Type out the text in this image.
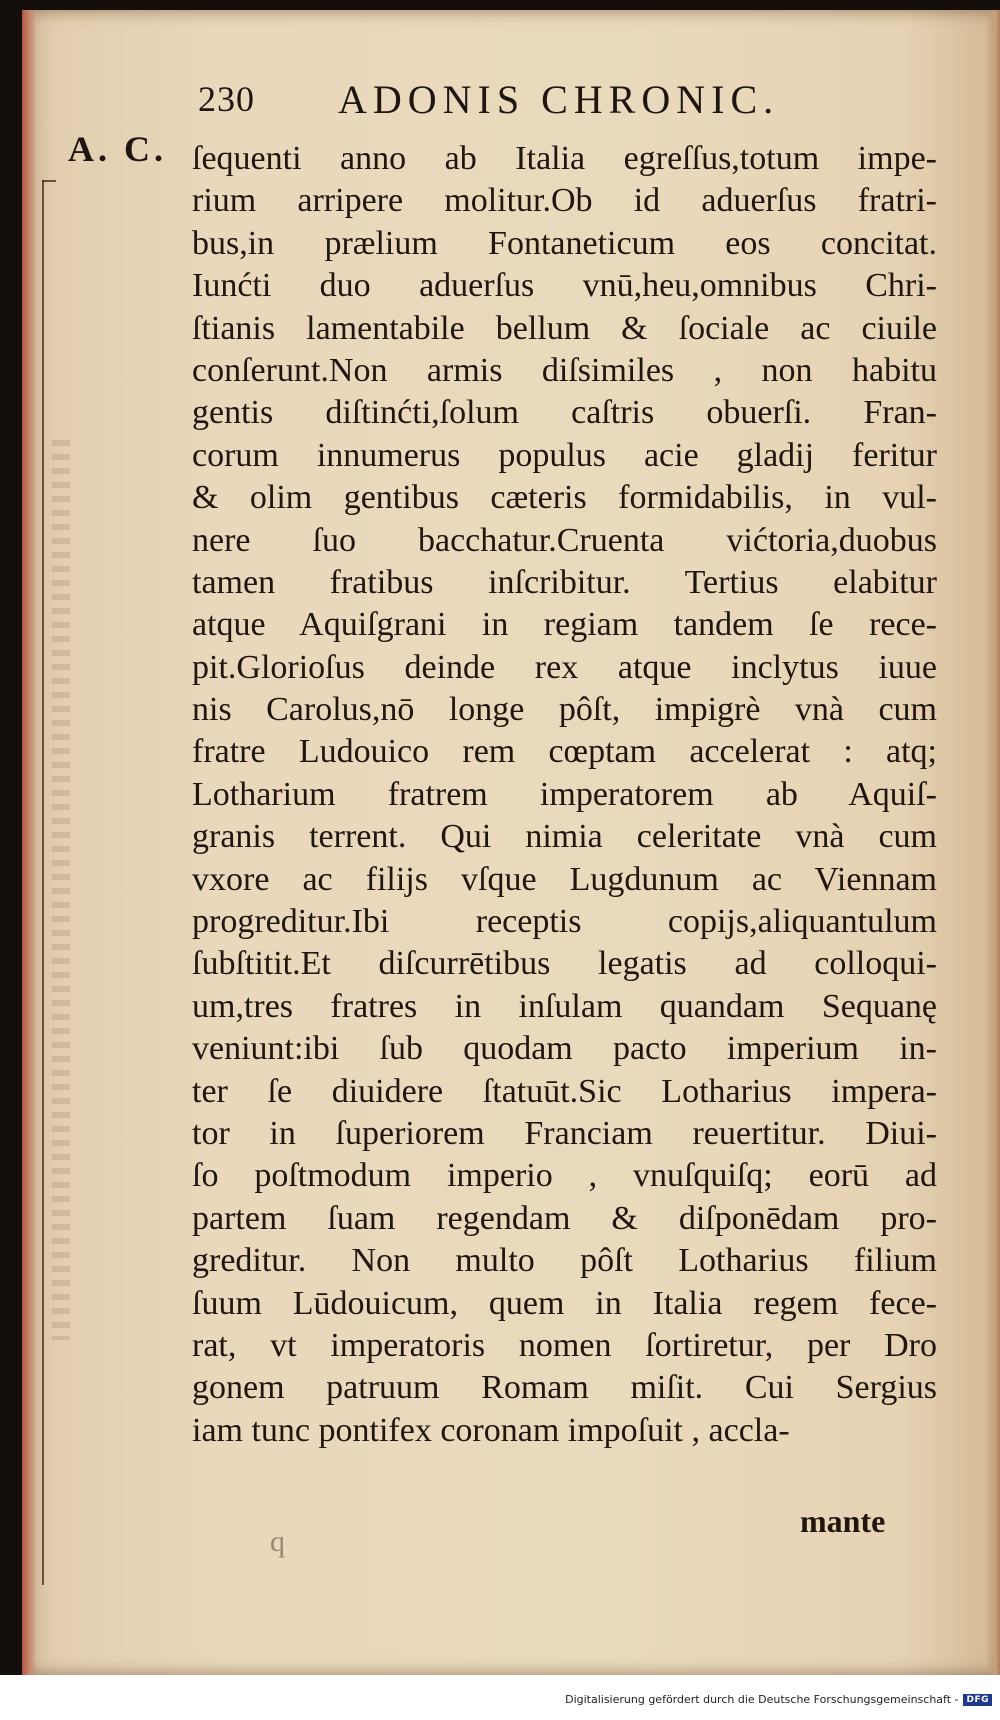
230 ADONIS CHRONIC.
A. C. ſequenti anno ab Italia egreſſus,totum impe-
rium arripere molitur.Ob id aduerſus fratri-
bus,in prælium Fontaneticum eos concitat.
Iunćti duo aduerſus vnū,heu,omnibus Chri-
ſtianis lamentabile bellum & ſociale ac ciuile
conſerunt.Non armis diſsimiles , non habitu
gentis diſtinćti,ſolum caſtris obuerſi. Fran-
corum innumerus populus acie gladij feritur
& olim gentibus cæteris formidabilis, in vul-
nere ſuo bacchatur.Cruenta vićtoria,duobus
tamen fratibus inſcribitur. Tertius elabitur
atque Aquiſgrani in regiam tandem ſe rece-
pit.Glorioſus deinde rex atque inclytus iuue
nis Carolus,nō longe pôſt, impigrè vnà cum
fratre Ludouico rem cœptam accelerat : atq;
Lotharium fratrem imperatorem ab Aquiſ-
granis terrent. Qui nimia celeritate vnà cum
vxore ac filijs vſque Lugdunum ac Viennam
progreditur.Ibi receptis copijs,aliquantulum
ſubſtitit.Et diſcurrētibus legatis ad colloqui-
um,tres fratres in inſulam quandam Sequanę
veniunt:ibi ſub quodam pacto imperium in-
ter ſe diuidere ſtatuūt.Sic Lotharius impera-
tor in ſuperiorem Franciam reuertitur. Diui-
ſo poſtmodum imperio , vnuſquiſq; eorū ad
partem ſuam regendam & diſponēdam pro-
greditur. Non multo pôſt Lotharius filium
ſuum Lūdouicum, quem in Italia regem fece-
rat, vt imperatoris nomen ſortiretur, per Dro
gonem patruum Romam miſit. Cui Sergius
iam tunc pontifex coronam impoſuit , accla-
q
mante
Digitalisierung gefördert durch die Deutsche Forschungsgemeinschaft - DFG
